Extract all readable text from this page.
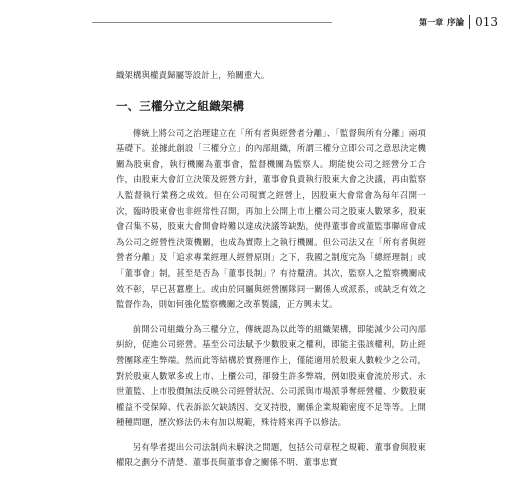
第一章 序論 013

織架構與權責歸屬等設計上，殆關重大。

一、三權分立之組織架構

傳統上將公司之治理建立在「所有者與經營者分離」、「監督與所有分離」兩項基礎下。並據此創設「三權分立」的內部組織，所謂三權分立即公司之意思決定機關為股東會，執行機關為董事會，監督機關為監察人。期能使公司之經營分工合作，由股東大會訂立決策及經營方針，董事會負責執行股東大會之決議，再由監察人監督執行業務之成效。但在公司現實之經營上，因股東大會常會為每年召開一次，臨時股東會也非經常性召開，再加上公開上市上櫃公司之股東人數眾多，股東會召集不易，股東大會開會時難以達成決議等缺點，使得董事會或董監事聯席會成為公司之經營性決策機關，也成為實際上之執行機關。但公司法又在「所有者與經營者分離」及「追求專業經理人經營原則」之下，我國之制度完為「總經理制」或「董事會」制，甚至是否為「董事長制」？有待釐清。其次，監察人之監察機關成效不彰，早已甚囂塵上。或由於同屬與經營團隊同一關係人或派系，或缺乏有效之監督作為，則如何強化監察機關之改革製議，正方興未艾。

前開公司組織分為三權分立，傳統認為以此等的組織架構，即能減少公司內部糾紛，促進公司經營。基至公司法賦予少數股東之權利，即能主張該權利，防止經營團隊產生弊端。然而此等結構於實務運作上，僅能適用於股東人數較少之公司，對於股東人數眾多或上市、上櫃公司，卻發生許多弊端，例如股東會流於形式、永世董監、上市股價無法反映公司經營狀況、公司派與市場派爭奪經營權、少數股東權益不受保障、代表訴訟欠缺誘因、交叉持股，關係企業規範密度不足等等。上開種種問題，歷次修法仍未有加以規範，殊待將來再予以修法。

另有學者提出公司法制尚未解決之問題，包括公司章程之規範、董事會與股東權限之劃分不清楚、董事長與董事會之關係不明、董事忠實
